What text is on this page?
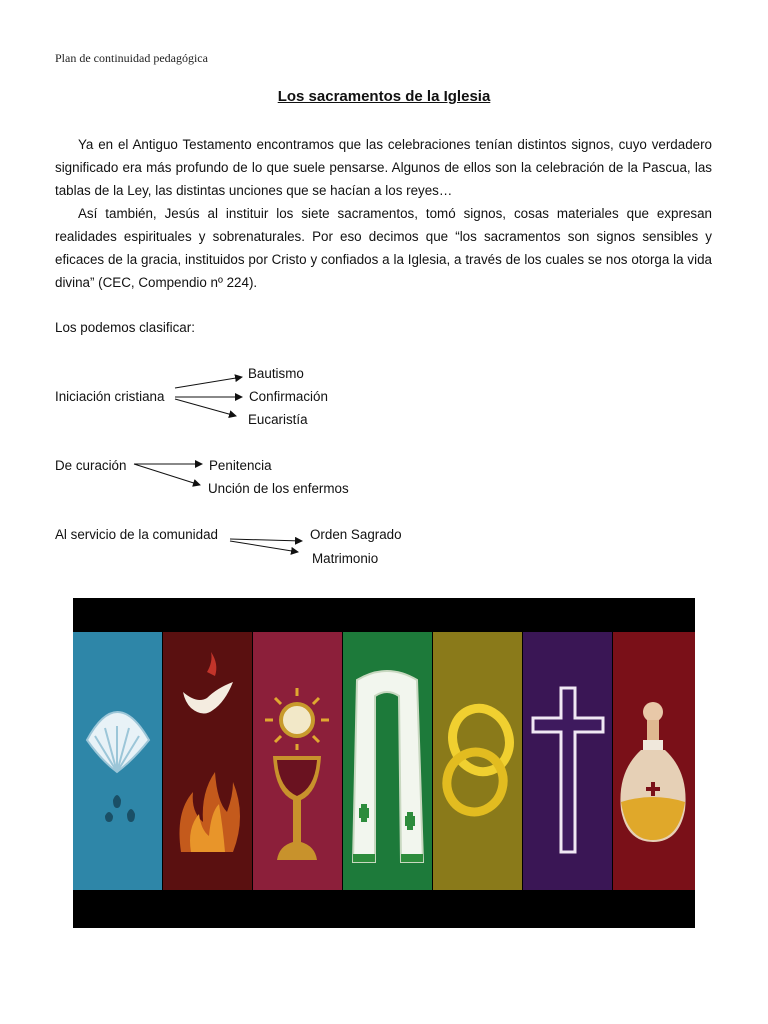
Plan de continuidad pedagógica
Los sacramentos de la Iglesia

Ya en el Antiguo Testamento encontramos que las celebraciones tenían distintos signos, cuyo verdadero significado era más profundo de lo que suele pensarse. Algunos de ellos son la celebración de la Pascua, las tablas de la Ley, las distintas unciones que se hacían a los reyes…

Así también, Jesús al instituir los siete sacramentos, tomó signos, cosas materiales que expresan realidades espirituales y sobrenaturales. Por eso decimos que “los sacramentos son signos sensibles y eficaces de la gracia, instituidos por Cristo y confiados a la Iglesia, a través de los cuales se nos otorga la vida divina” (CEC, Compendio nº 224).

Los podemos clasificar:
Iniciación cristiana
Bautismo
Confirmación
Eucaristía
De curación	Penitencia
Unción de los enfermos
Al servicio de la comunidad	Orden Sagrado
Matrimonio
